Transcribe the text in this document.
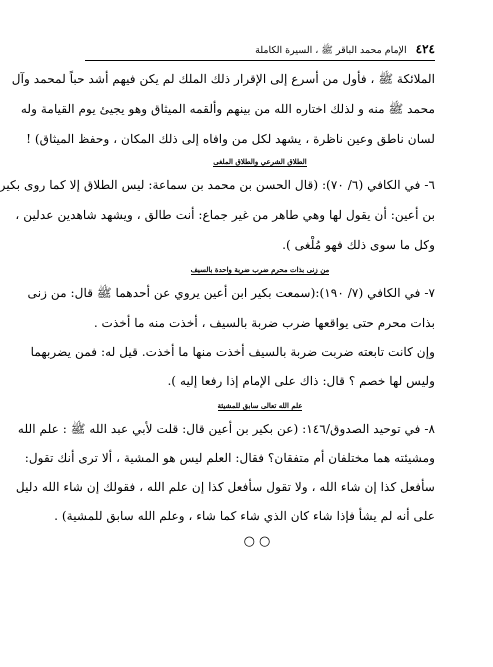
٤٢٤ الإمام محمد الباقر ﷺ ، السيرة الكاملة
الملائكة ﷺ ، فأول من أسرع إلى الإقرار ذلك الملك لم يكن فيهم أشد حباً لمحمد وآل
محمد ﷺ منه و لذلك اختاره الله من بينهم وألقمه الميثاق وهو يجيئ يوم القيامة وله
لسان ناطق وعين ناظرة ، يشهد لكل من وافاه إلى ذلك المكان ، وحفظ الميثاق) !
الطلاق الشرعي والطلاق الملغى
٦- في الكافي (٦/ ٧٠): (قال الحسن بن محمد بن سماعة: ليس الطلاق إلا كما روى بكير
بن أعين: أن يقول لها وهي طاهر من غير جماع: أنت طالق ، ويشهد شاهدين عدلين ،
وكل ما سوى ذلك فهو مُلْغى ).
من زنى بذات محرم ضرب ضربة واحدة بالسيف
٧- في الكافي (٧/ ١٩٠):(سمعت بكير ابن أعين يروي عن أحدهما ﷺ قال: من زنى
بذات محرم حتى يواقعها ضرب ضربة بالسيف ، أخذت منه ما أخذت .
وإن كانت تابعته ضربت ضربة بالسيف أخذت منها ما أخذت. قيل له: فمن يضربهما
وليس لها خصم ؟ قال: ذاك على الإمام إذا رفعا إليه ).
علم الله تعالى سابق للمشيئة
٨- في توحيد الصدوق/١٤٦: (عن بكير بن أعين قال: قلت لأبي عبد الله ﷺ : علم الله
ومشيئته هما مختلفان أم متفقان؟ فقال: العلم ليس هو المشية ، ألا ترى أنك تقول:
سأفعل كذا إن شاء الله ، ولا تقول سأفعل كذا إن علم الله ، فقولك إن شاء الله دليل
على أنه لم يشأ فإذا شاء كان الذي شاء كما شاء ، وعلم الله سابق للمشية) .
○○
